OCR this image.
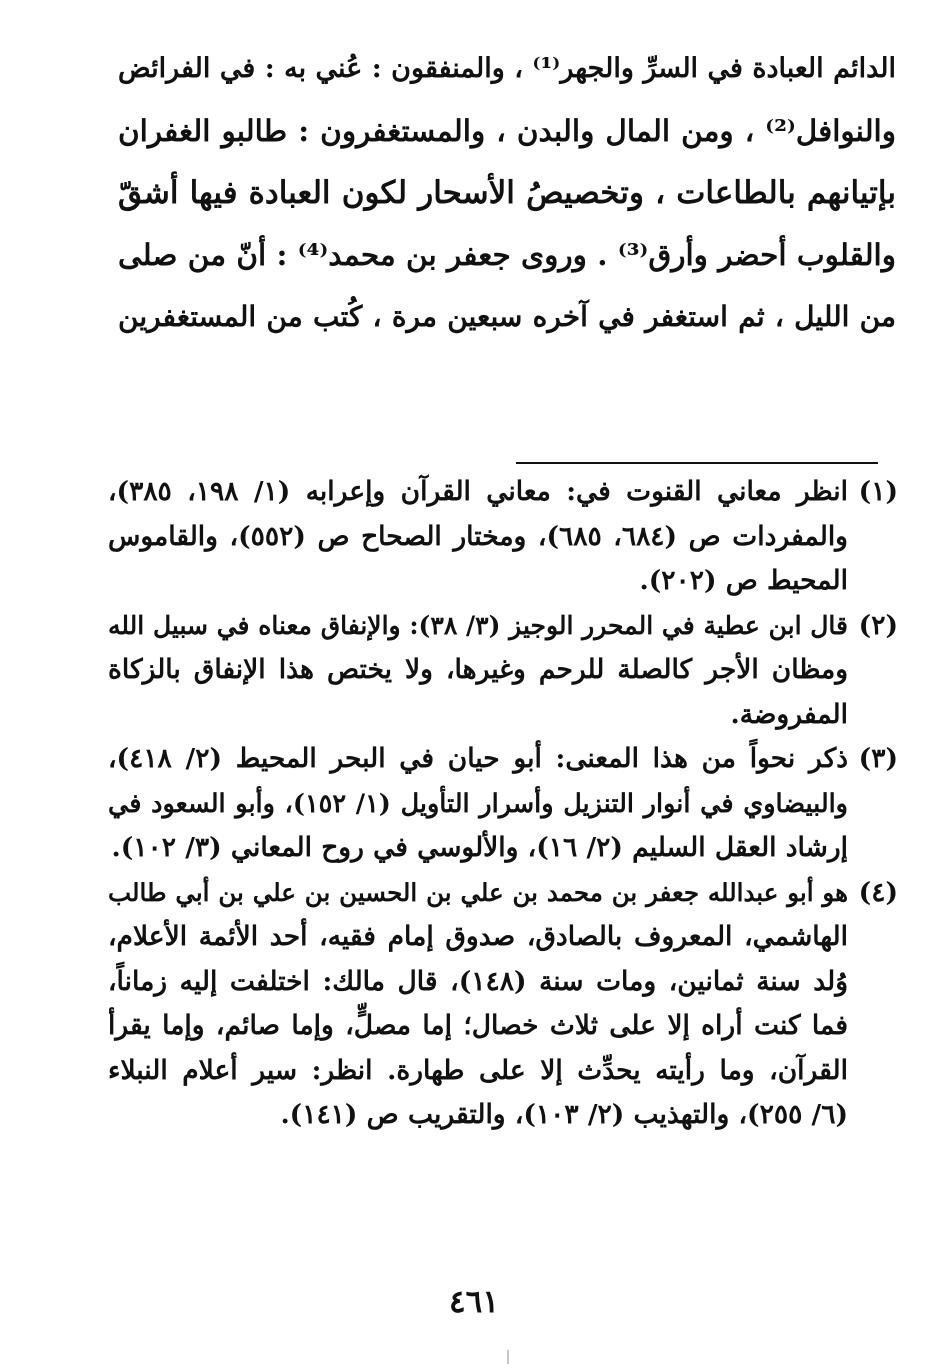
الدائم العبادة في السرِّ والجهر⁽¹⁾ ، والمنفقون : عُني به : في الفرائض
والنوافل⁽²⁾ ، ومن المال والبدن ، والمستغفرون : طالبو الغفران
بإتيانهم بالطاعات ، وتخصيصُ الأسحار لكون العبادة فيها أشقّ
والقلوب أحضر وأرق⁽³⁾ . وروى جعفر بن محمد⁽⁴⁾ : أنّ من صلى
من الليل ، ثم استغفر في آخره سبعين مرة ، كُتب من المستغفرين
(١)
انظر معاني القنوت في: معاني القرآن وإعرابه (١/ ١٩٨، ٣٨٥)،
والمفردات ص (٦٨٤، ٦٨٥)، ومختار الصحاح ص (٥٥٢)، والقاموس
المحيط ص (٢٠٢).
(٢)
قال ابن عطية في المحرر الوجيز (٣/ ٣٨): والإنفاق معناه في سبيل الله
ومظان الأجر كالصلة للرحم وغيرها، ولا يختص هذا الإنفاق بالزكاة
المفروضة.
(٣)
ذكر نحواً من هذا المعنى: أبو حيان في البحر المحيط (٢/ ٤١٨)،
والبيضاوي في أنوار التنزيل وأسرار التأويل (١/ ١٥٢)، وأبو السعود في
إرشاد العقل السليم (٢/ ١٦)، والألوسي في روح المعاني (٣/ ١٠٢).
(٤)
هو أبو عبدالله جعفر بن محمد بن علي بن الحسين بن علي بن أبي طالب
الهاشمي، المعروف بالصادق، صدوق إمام فقيه، أحد الأئمة الأعلام،
وُلد سنة ثمانين، ومات سنة (١٤٨)، قال مالك: اختلفت إليه زماناً،
فما كنت أراه إلا على ثلاث خصال؛ إما مصلٍّ، وإما صائم، وإما يقرأ
القرآن، وما رأيته يحدِّث إلا على طهارة. انظر: سير أعلام النبلاء
(٦/ ٢٥٥)، والتهذيب (٢/ ١٠٣)، والتقريب ص (١٤١).
٤٦١
